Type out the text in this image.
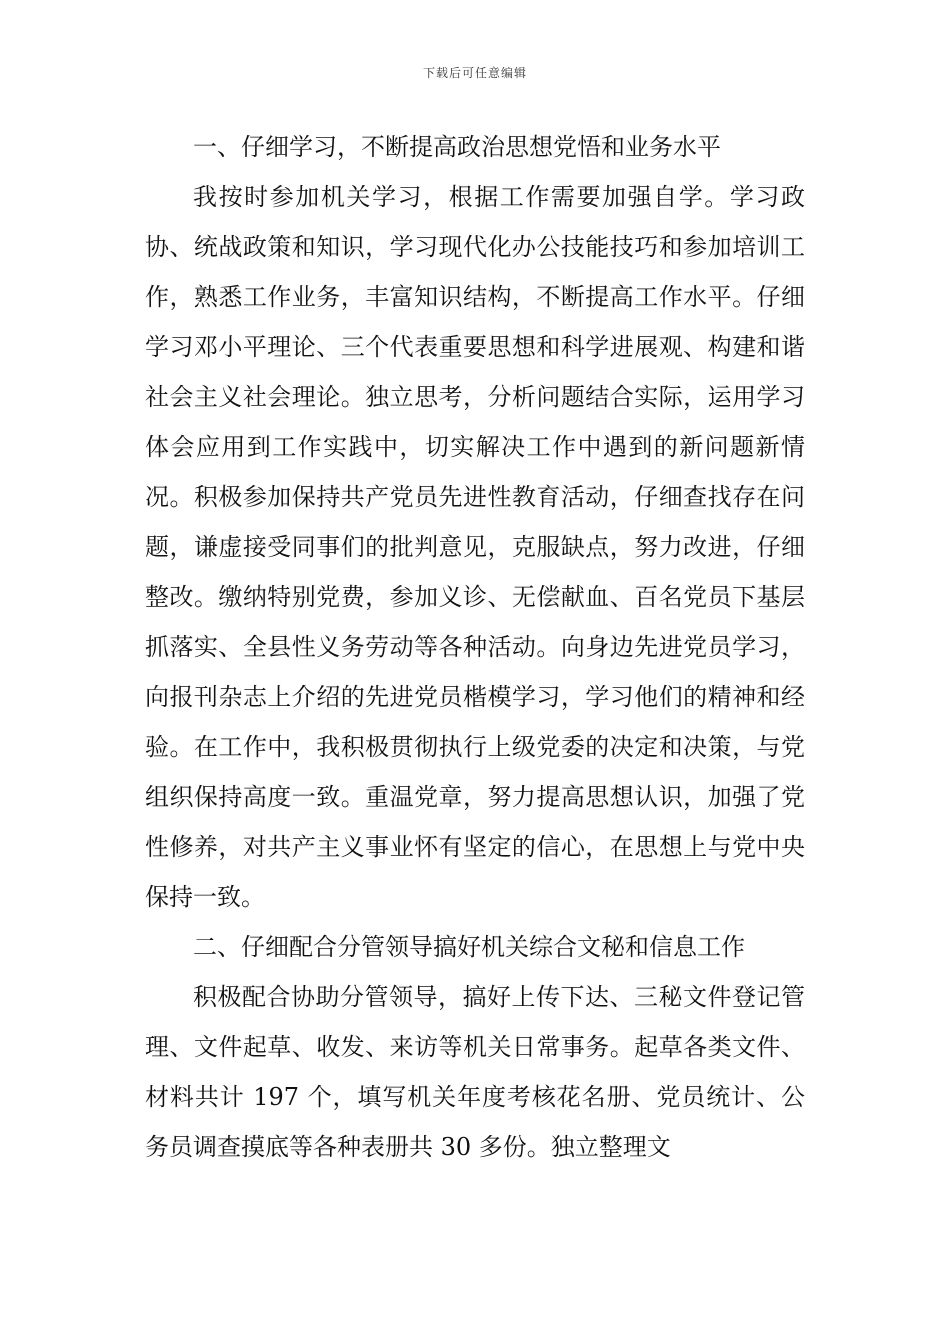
下载后可任意编辑
一、仔细学习，不断提高政治思想党悟和业务水平

我按时参加机关学习，根据工作需要加强自学。学习政协、统战政策和知识，学习现代化办公技能技巧和参加培训工作，熟悉工作业务，丰富知识结构，不断提高工作水平。仔细学习邓小平理论、三个代表重要思想和科学进展观、构建和谐社会主义社会理论。独立思考，分析问题结合实际，运用学习体会应用到工作实践中，切实解决工作中遇到的新问题新情况。积极参加保持共产党员先进性教育活动，仔细查找存在问题，谦虚接受同事们的批判意见，克服缺点，努力改进，仔细整改。缴纳特别党费，参加义诊、无偿献血、百名党员下基层抓落实、全县性义务劳动等各种活动。向身边先进党员学习，向报刊杂志上介绍的先进党员楷模学习，学习他们的精神和经验。在工作中，我积极贯彻执行上级党委的决定和决策，与党组织保持高度一致。重温党章，努力提高思想认识，加强了党性修养，对共产主义事业怀有坚定的信心，在思想上与党中央保持一致。

二、仔细配合分管领导搞好机关综合文秘和信息工作

积极配合协助分管领导，搞好上传下达、三秘文件登记管理、文件起草、收发、来访等机关日常事务。起草各类文件、材料共计 197 个，填写机关年度考核花名册、党员统计、公务员调查摸底等各种表册共 30 多份。独立整理文
